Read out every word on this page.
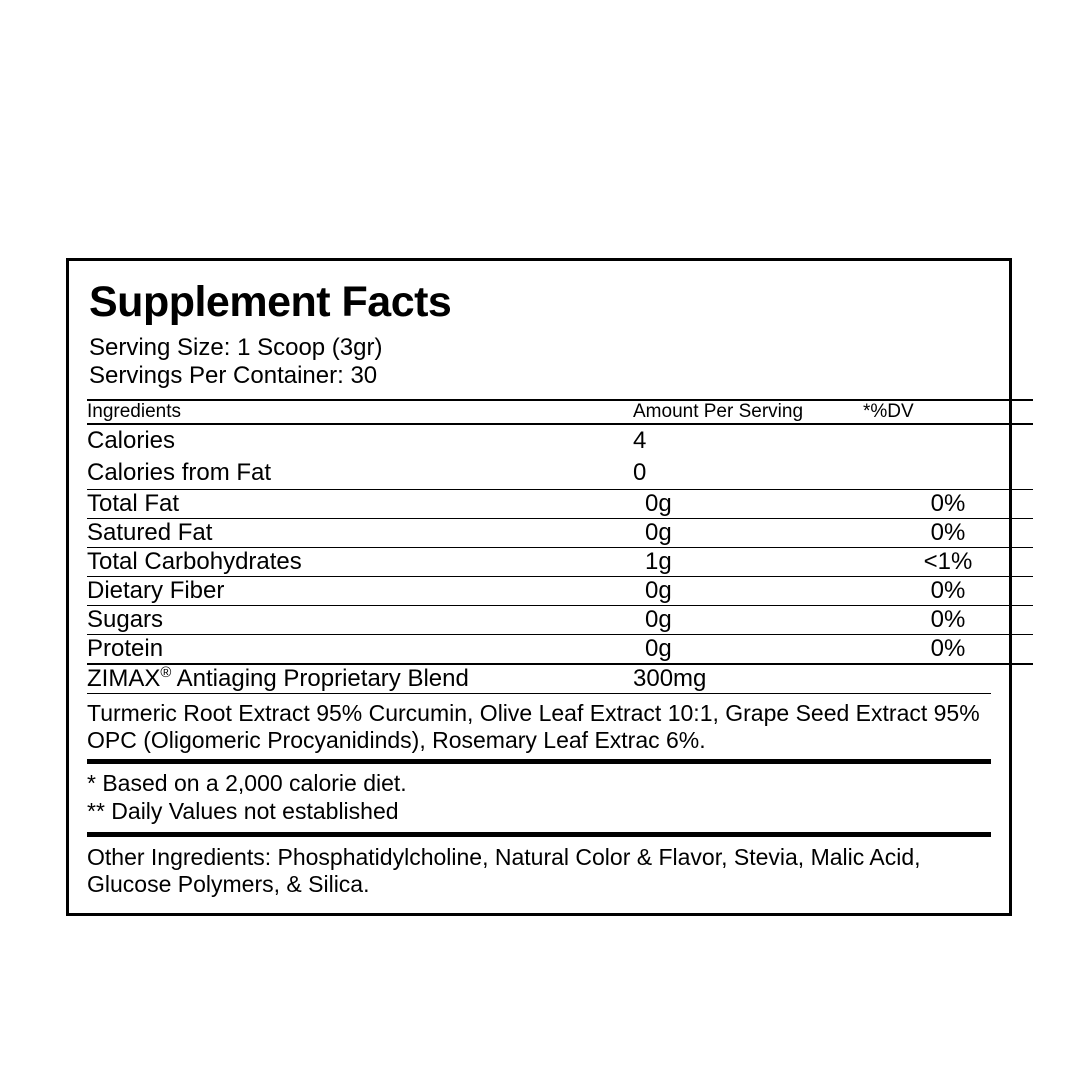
Supplement Facts
Serving Size: 1 Scoop (3gr)
Servings Per Container: 30
Ingredients	Amount Per Serving	*%DV
Calories	4	
Calories from Fat	0	
Total Fat	0g	0%
Satured Fat	0g	0%
Total Carbohydrates	1g	<1%
Dietary Fiber	0g	0%
Sugars	0g	0%
Protein	0g	0%
ZIMAX® Antiaging Proprietary Blend	300mg	
Turmeric Root Extract 95% Curcumin, Olive Leaf Extract 10:1, Grape Seed Extract 95% OPC (Oligomeric Procyanidinds), Rosemary Leaf Extrac 6%.
* Based on a 2,000 calorie diet.
** Daily Values not established
Other Ingredients: Phosphatidylcholine, Natural Color & Flavor, Stevia, Malic Acid, Glucose Polymers, & Silica.
